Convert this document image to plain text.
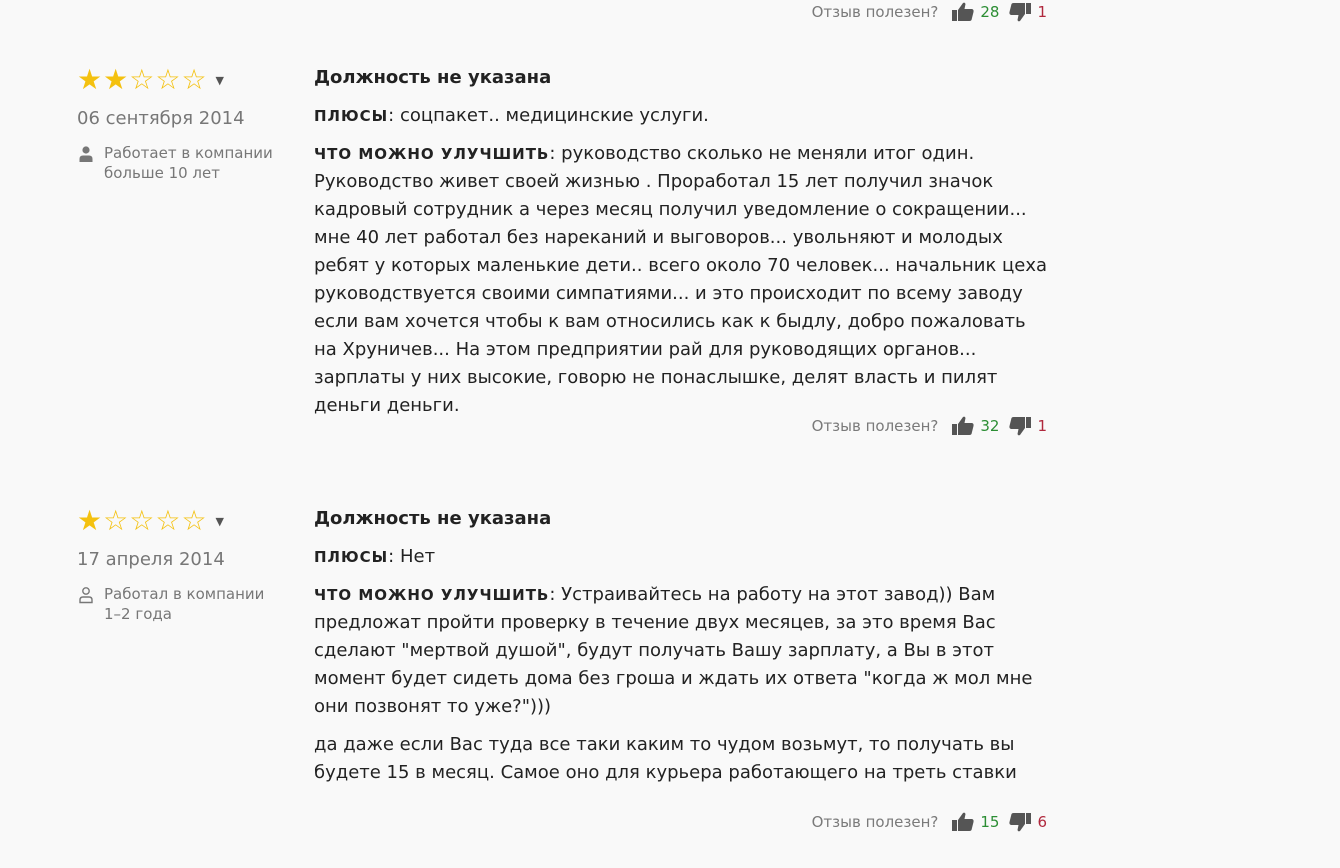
Отзыв полезен?	28	1
★ ★ ☆ ☆ ☆ ▼
06 сентября 2014
Работает в компании
больше 10 лет
Должность не указана
ПЛЮСЫ: соцпакет.. медицинские услуги.
ЧТО МОЖНО УЛУЧШИТЬ: руководство сколько не меняли итог один. Руководство живет своей жизнью . Проработал 15 лет получил значок кадровый сотрудник а через месяц получил уведомление о сокращении... мне 40 лет работал без нареканий и выговоров... увольняют и молодых ребят у которых маленькие дети.. всего около 70 человек... начальник цеха руководствуется своими симпатиями... и это происходит по всему заводу если вам хочется чтобы к вам относились как к быдлу, добро пожаловать на Хруничев... На этом предприятии рай для руководящих органов... зарплаты у них высокие, говорю не понаслышке, делят власть и пилят деньги деньги.
Отзыв полезен?	32	1
★ ☆ ☆ ☆ ☆ ▼
17 апреля 2014
Работал в компании
1–2 года
Должность не указана
ПЛЮСЫ: Нет
ЧТО МОЖНО УЛУЧШИТЬ: Устраивайтесь на работу на этот завод)) Вам предложат пройти проверку в течение двух месяцев, за это время Вас сделают "мертвой душой", будут получать Вашу зарплату, а Вы в этот момент будет сидеть дома без гроша и ждать их ответа "когда ж мол мне они позвонят то уже?")))
да даже если Вас туда все таки каким то чудом возьмут, то получать вы будете 15 в месяц. Самое оно для курьера работающего на треть ставки
Отзыв полезен?	15	6
